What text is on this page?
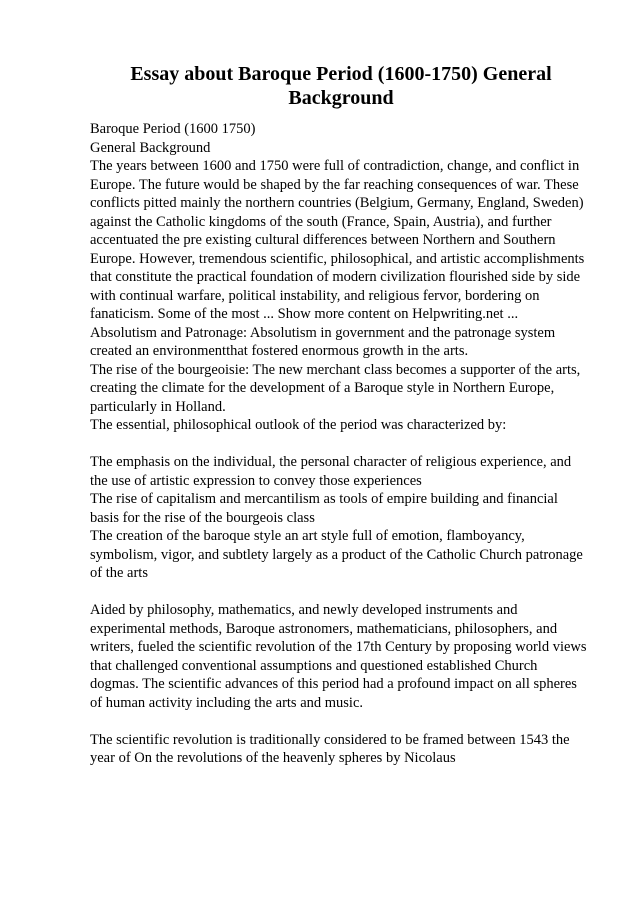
Essay about Baroque Period (1600-1750) General
Background
Baroque Period (1600 1750)
General Background
The years between 1600 and 1750 were full of contradiction, change, and conflict in
Europe. The future would be shaped by the far reaching consequences of war. These
conflicts pitted mainly the northern countries (Belgium, Germany, England, Sweden)
against the Catholic kingdoms of the south (France, Spain, Austria), and further
accentuated the pre existing cultural differences between Northern and Southern
Europe. However, tremendous scientific, philosophical, and artistic accomplishments
that constitute the practical foundation of modern civilization flourished side by side
with continual warfare, political instability, and religious fervor, bordering on
fanaticism. Some of the most ... Show more content on Helpwriting.net ...
Absolutism and Patronage: Absolutism in government and the patronage system
created an environmentthat fostered enormous growth in the arts.
The rise of the bourgeoisie: The new merchant class becomes a supporter of the arts,
creating the climate for the development of a Baroque style in Northern Europe,
particularly in Holland.
The essential, philosophical outlook of the period was characterized by:
The emphasis on the individual, the personal character of religious experience, and
the use of artistic expression to convey those experiences
The rise of capitalism and mercantilism as tools of empire building and financial
basis for the rise of the bourgeois class
The creation of the baroque style an art style full of emotion, flamboyancy,
symbolism, vigor, and subtlety largely as a product of the Catholic Church patronage
of the arts
Aided by philosophy, mathematics, and newly developed instruments and
experimental methods, Baroque astronomers, mathematicians, philosophers, and
writers, fueled the scientific revolution of the 17th Century by proposing world views
that challenged conventional assumptions and questioned established Church
dogmas. The scientific advances of this period had a profound impact on all spheres
of human activity including the arts and music.
The scientific revolution is traditionally considered to be framed between 1543 the
year of On the revolutions of the heavenly spheres by Nicolaus
